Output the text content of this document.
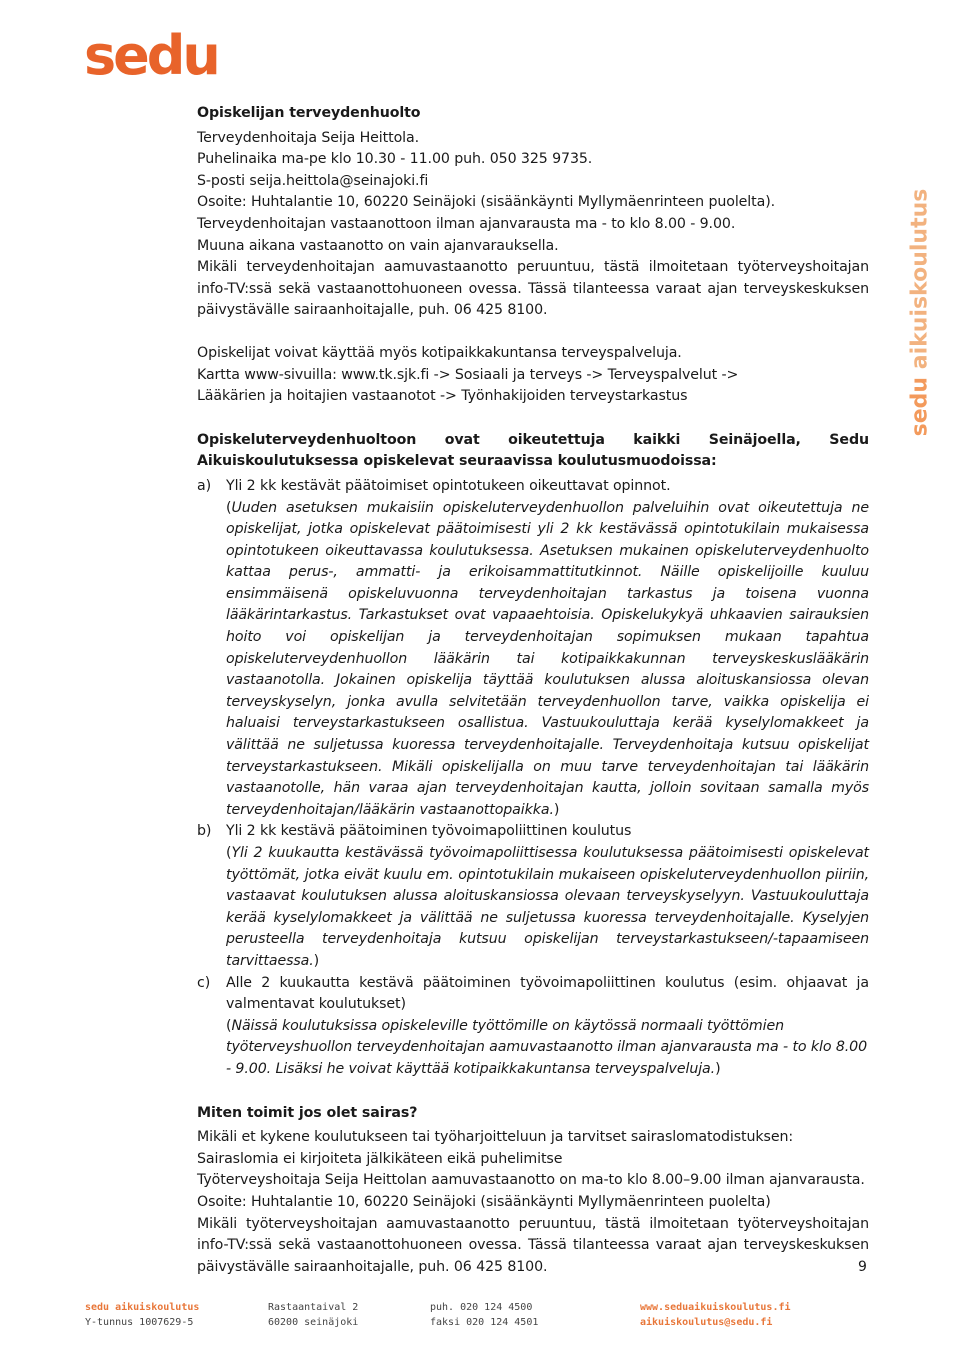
sedu
sedu aikuiskoulutus

Opiskelijan terveydenhuolto

Terveydenhoitaja Seija Heittola.

Puhelinaika ma-pe klo 10.30 - 11.00 puh. 050 325 9735.

S-posti seija.heittola@seinajoki.fi

Osoite: Huhtalantie 10, 60220 Seinäjoki (sisäänkäynti Myllymäenrinteen puolelta).

Terveydenhoitajan vastaanottoon ilman ajanvarausta ma - to klo 8.00 - 9.00.

Muuna aikana vastaanotto on vain ajanvarauksella.

Mikäli terveydenhoitajan aamuvastaanotto peruuntuu, tästä ilmoitetaan työterveyshoitajan info-TV:ssä sekä vastaanottohuoneen ovessa. Tässä tilanteessa varaat ajan terveyskeskuksen päivystävälle sairaanhoitajalle, puh. 06 425 8100.

Opiskelijat voivat käyttää myös kotipaikkakuntansa terveyspalveluja.

Kartta www-sivuilla: www.tk.sjk.fi -> Sosiaali ja terveys -> Terveyspalvelut ->

Lääkärien ja hoitajien vastaanotot -> Työnhakijoiden terveystarkastus

Opiskeluterveydenhuoltoon ovat oikeutettuja kaikki Seinäjoella, Sedu Aikuiskoulutuksessa opiskelevat seuraavissa koulutusmuodoissa:

a)	Yli 2 kk kestävät päätoimiset opintotukeen oikeuttavat opinnot.

(Uuden asetuksen mukaisiin opiskeluterveydenhuollon palveluihin ovat oikeutettuja ne opiskelijat, jotka opiskelevat päätoimisesti yli 2 kk kestävässä opintotukilain mukaisessa opintotukeen oikeuttavassa koulutuksessa. Asetuksen mukainen opiskeluterveydenhuolto kattaa perus-, ammatti- ja erikoisammattitutkinnot. Näille opiskelijoille kuuluu ensimmäisenä opiskeluvuonna terveydenhoitajan tarkastus ja toisena vuonna lääkärintarkastus. Tarkastukset ovat vapaaehtoisia. Opiskelukykyä uhkaavien sairauksien hoito voi opiskelijan ja terveydenhoitajan sopimuksen mukaan tapahtua opiskeluterveydenhuollon lääkärin tai kotipaikkakunnan terveyskeskuslääkärin vastaanotolla. Jokainen opiskelija täyttää koulutuksen alussa aloituskansiossa olevan terveyskyselyn, jonka avulla selvitetään terveydenhuollon tarve, vaikka opiskelija ei haluaisi terveystarkastukseen osallistua. Vastuukouluttaja kerää kyselylomakkeet ja välittää ne suljetussa kuoressa terveydenhoitajalle. Terveydenhoitaja kutsuu opiskelijat terveystarkastukseen. Mikäli opiskelijalla on muu tarve terveydenhoitajan tai lääkärin vastaanotolle, hän varaa ajan terveydenhoitajan kautta, jolloin sovitaan samalla myös terveydenhoitajan/lääkärin vastaanottopaikka.)

b)	Yli 2 kk kestävä päätoiminen työvoimapoliittinen koulutus

(Yli 2 kuukautta kestävässä työvoimapoliittisessa koulutuksessa päätoimisesti opiskelevat työttömät, jotka eivät kuulu em. opintotukilain mukaiseen opiskeluterveydenhuollon piiriin, vastaavat koulutuksen alussa aloituskansiossa olevaan terveyskyselyyn. Vastuukouluttaja kerää kyselylomakkeet ja välittää ne suljetussa kuoressa terveydenhoitajalle. Kyselyjen perusteella terveydenhoitaja kutsuu opiskelijan terveystarkastukseen/-tapaamiseen tarvittaessa.)

c)	Alle 2 kuukautta kestävä päätoiminen työvoimapoliittinen koulutus (esim. ohjaavat ja valmentavat koulutukset)

(Näissä koulutuksissa opiskeleville työttömille on käytössä normaali työttömien työterveyshuollon terveydenhoitajan aamuvastaanotto ilman ajanvarausta ma - to klo 8.00 - 9.00. Lisäksi he voivat käyttää kotipaikkakuntansa terveyspalveluja.)

Miten toimit jos olet sairas?

Mikäli et kykene koulutukseen tai työharjoitteluun ja tarvitset sairaslomatodistuksen:

Sairaslomia ei kirjoiteta jälkikäteen eikä puhelimitse

Työterveyshoitaja Seija Heittolan aamuvastaanotto on ma-to klo 8.00–9.00 ilman ajanvarausta.

Osoite: Huhtalantie 10, 60220 Seinäjoki (sisäänkäynti Myllymäenrinteen puolelta)

Mikäli työterveyshoitajan aamuvastaanotto peruuntuu, tästä ilmoitetaan työterveyshoitajan info-TV:ssä sekä vastaanottohuoneen ovessa. Tässä tilanteessa varaat ajan terveyskeskuksen päivystävälle sairaanhoitajalle, puh. 06 425 8100.	9
sedu aikuiskoulutus
Y-tunnus 1007629-5
Rastaantaival 2
60200 seinäjoki
puh. 020 124 4500
faksi 020 124 4501
www.seduaikuiskoulutus.fi
aikuiskoulutus@sedu.fi
